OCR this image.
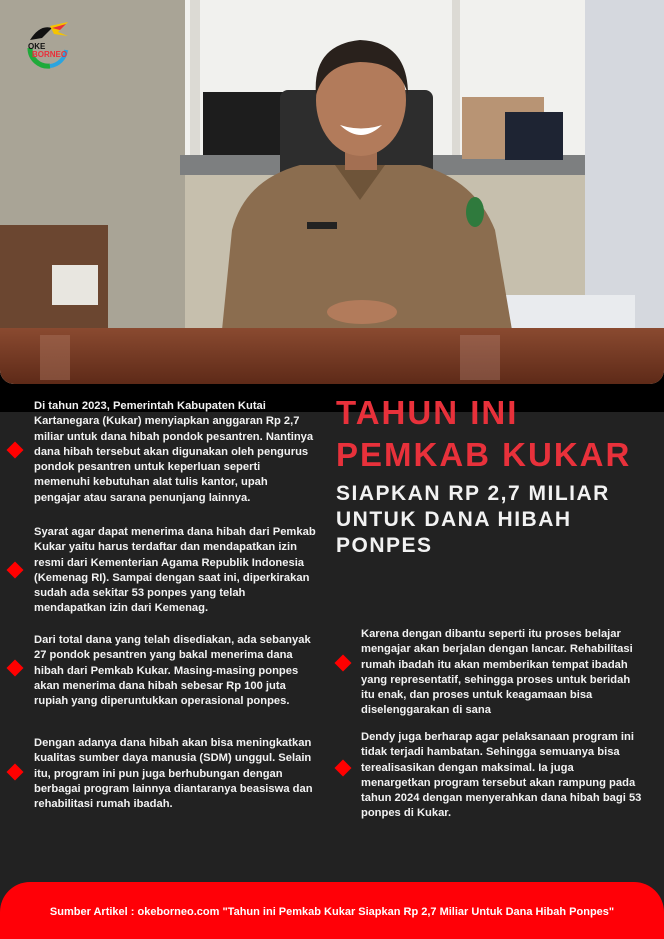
OKE
BORNEO
TAHUN INI
PEMKAB KUKAR
SIAPKAN RP 2,7 MILIAR
UNTUK DANA HIBAH
PONPES
Di tahun 2023, Pemerintah Kabupaten Kutai Kartanegara (Kukar) menyiapkan anggaran Rp 2,7 miliar untuk dana hibah pondok pesantren. Nantinya dana hibah tersebut akan digunakan oleh pengurus pondok pesantren untuk keperluan seperti memenuhi kebutuhan alat tulis kantor, upah pengajar atau sarana penunjang lainnya.
Syarat agar dapat menerima dana hibah dari Pemkab Kukar yaitu harus terdaftar dan mendapatkan izin resmi dari Kementerian Agama Republik Indonesia (Kemenag RI). Sampai dengan saat ini, diperkirakan sudah ada sekitar 53 ponpes yang telah mendapatkan izin dari Kemenag.
Dari total dana yang telah disediakan, ada sebanyak 27 pondok pesantren yang bakal menerima dana hibah dari Pemkab Kukar. Masing-masing ponpes akan menerima dana hibah sebesar Rp 100 juta rupiah yang diperuntukkan operasional ponpes.
Dengan adanya dana hibah akan bisa meningkatkan kualitas sumber daya manusia (SDM) unggul. Selain itu, program ini pun juga berhubungan dengan berbagai program lainnya diantaranya beasiswa dan rehabilitasi rumah ibadah.
Karena dengan dibantu seperti itu proses belajar mengajar akan berjalan dengan lancar. Rehabilitasi rumah ibadah itu akan memberikan tempat ibadah yang representatif, sehingga proses untuk beridah itu enak, dan proses untuk keagamaan bisa diselenggarakan di sana
Dendy juga berharap agar pelaksanaan program ini tidak terjadi hambatan. Sehingga semuanya bisa terealisasikan dengan maksimal. Ia juga menargetkan program tersebut akan rampung pada tahun 2024 dengan menyerahkan dana hibah bagi 53 ponpes di Kukar.
Sumber Artikel : okeborneo.com "Tahun ini Pemkab Kukar Siapkan Rp 2,7 Miliar Untuk Dana Hibah Ponpes"
